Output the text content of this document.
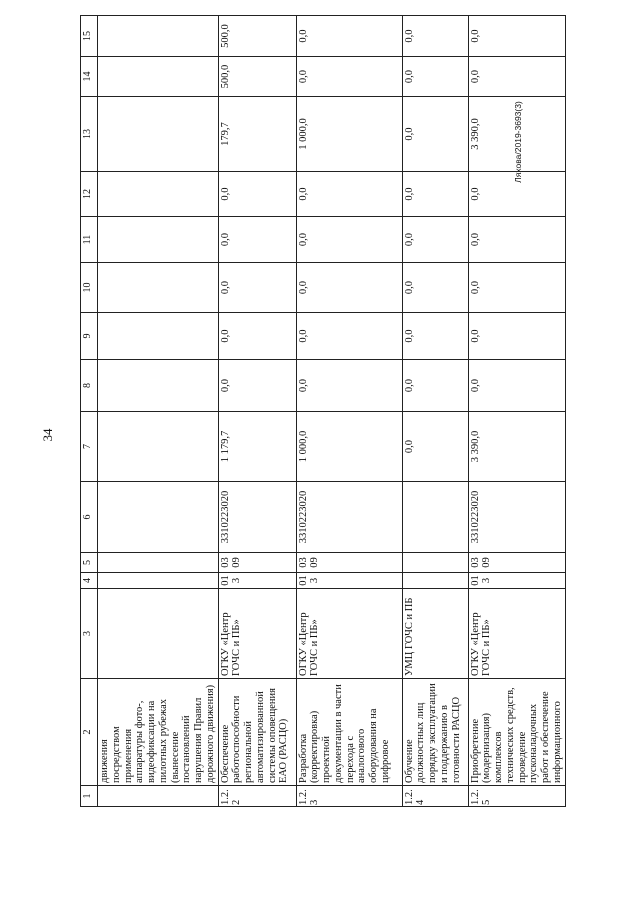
34
Ляхова/2019-3693(3)
1	2	3	4	5	6	7	8	9	10	11	12	13	14	15
	движения посредством применения аппаратуры фото-, видеофиксации на пилотных рубежах (вынесение постановлений нарушения Правил дорожного движения)													
1.2.2	Обеспечение работоспособности региональной автоматизированной системы оповещения ЕАО (РАСЦО)	ОГКУ «Центр ГОЧС и ПБ»	013	0309	3310223020	1 179,7	0,0	0,0	0,0	0,0	0,0	179,7	500,0	500,0
1.2.3	Разработка (корректировка) проектной документации в части перехода с аналогового оборудования на цифровое	ОГКУ «Центр ГОЧС и ПБ»	013	0309	3310223020	1 000,0	0,0	0,0	0,0	0,0	0,0	1 000,0	0,0	0,0
1.2.4	Обучение должностных лиц порядку эксплуатации и поддержанию в готовности РАСЦО	УМЦ ГОЧС и ПБ				0,0	0,0	0,0	0,0	0,0	0,0	0,0	0,0	0,0
1.2.5	Приобретение (модернизация) комплексов технических средств, проведение пусконаладочных работ и обеспечение информационного	ОГКУ «Центр ГОЧС и ПБ»	013	0309	3310223020	3 390,0	0,0	0,0	0,0	0,0	0,0	3 390,0	0,0	0,0
